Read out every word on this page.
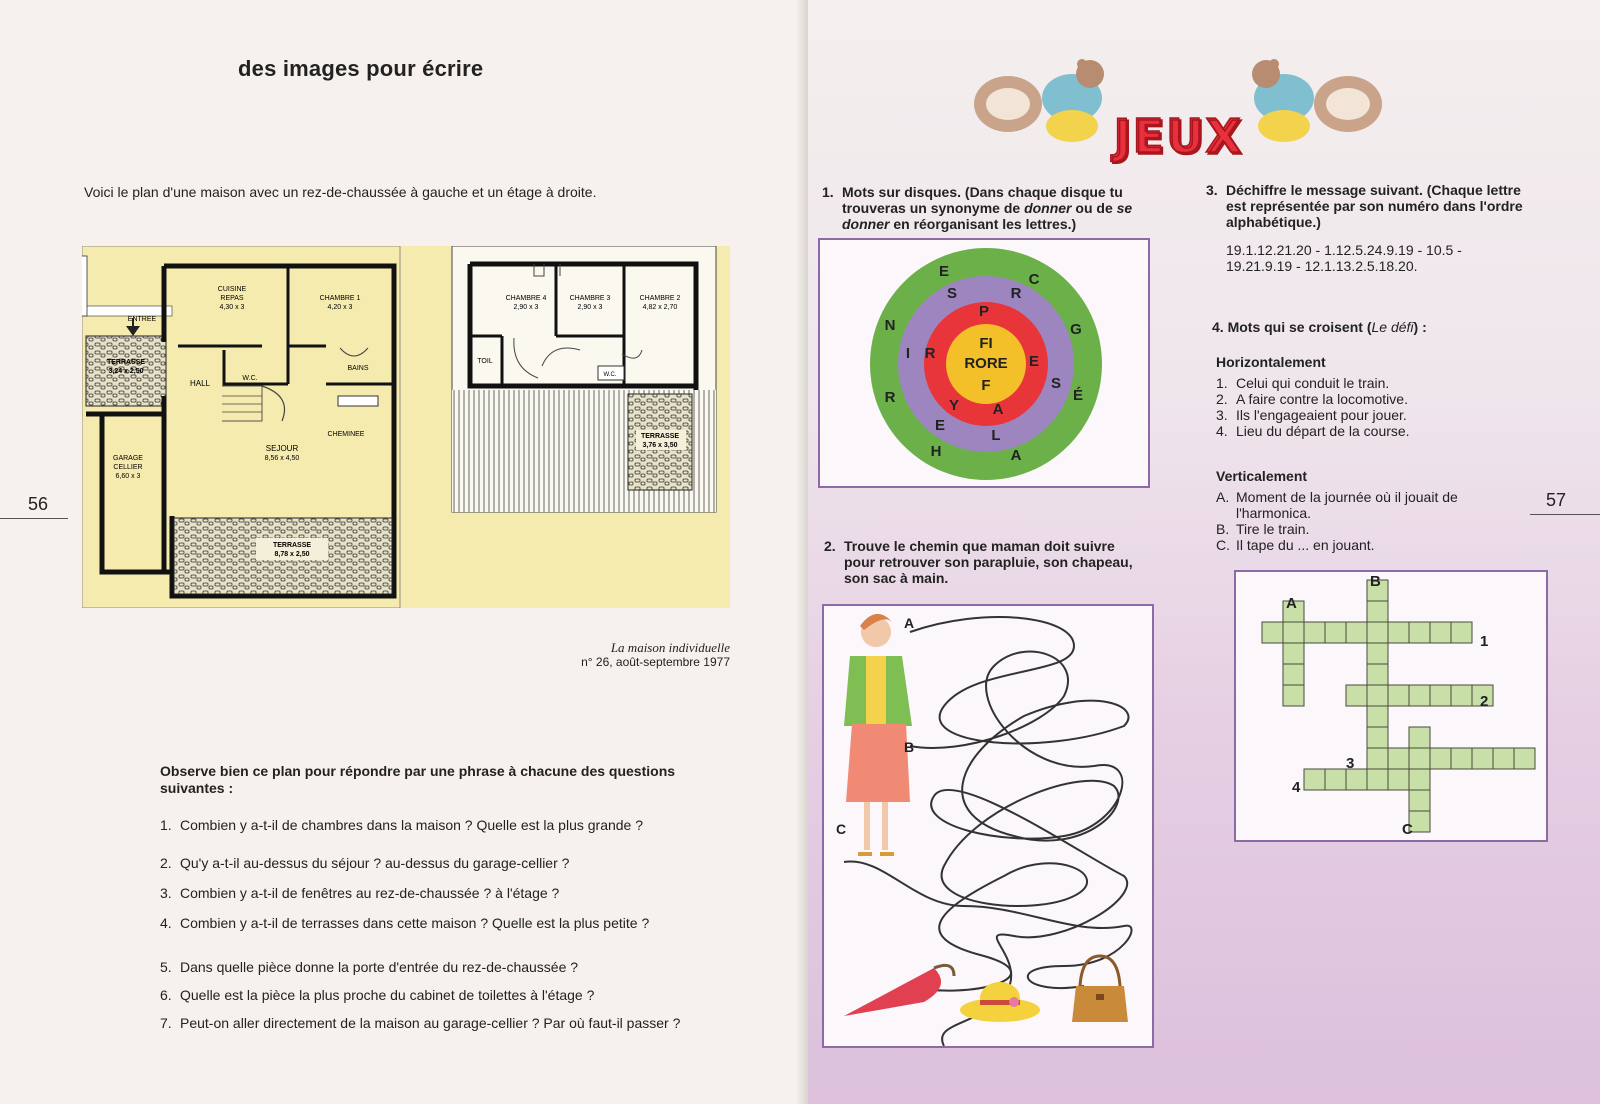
des images pour écrire
Voici le plan d'une maison avec un rez-de-chaussée à gauche et un étage à droite.
56
ENTREE
TERRASSE
3,24 x 2,50
CUISINE
REPAS
4,30 x 3
CHAMBRE 1
4,20 x 3
HALL
W.C.
BAINS
GARAGE
CELLIER
6,60 x 3
SEJOUR
8,56 x 4,50
CHEMINEE
TERRASSE
8,78 x 2,50
CHAMBRE 4
2,90 x 3
CHAMBRE 3
2,90 x 3
CHAMBRE 2
4,82 x 2,70
TOIL
W.C.
TERRASSE
3,76 x 3,50
La maison individuelle
n° 26, août-septembre 1977
Observe bien ce plan pour répondre par une phrase à chacune des questions suivantes :
1. Combien y a-t-il de chambres dans la maison ? Quelle est la plus grande ?
2. Qu'y a-t-il au-dessus du séjour ? au-dessus du garage-cellier ?
3. Combien y a-t-il de fenêtres au rez-de-chaussée ? à l'étage ?
4. Combien y a-t-il de terrasses dans cette maison ? Quelle est la plus petite ?
5. Dans quelle pièce donne la porte d'entrée du rez-de-chaussée ?
6. Quelle est la pièce la plus proche du cabinet de toilettes à l'étage ?
7. Peut-on aller directement de la maison au garage-cellier ? Par où faut-il passer ?
JEUX
1. Mots sur disques. (Dans chaque disque tu trouveras un synonyme de donner ou de se donner en réorganisant les lettres.)
E	C
N	G
R	É
H	A
S	R
I
S
L
E
P
R	E
Y A
FI
RORE
F
2. Trouve le chemin que maman doit suivre pour retrouver son parapluie, son chapeau, son sac à main.
A
B
C
3. Déchiffre le message suivant. (Chaque lettre est représentée par son numéro dans l'ordre alphabétique.)
19.1.12.21.20 - 1.12.5.24.9.19 - 10.5 -
19.21.9.19 - 12.1.13.2.5.18.20.
4. Mots qui se croisent (Le défi) :
Horizontalement
1. Celui qui conduit le train.
2. A faire contre la locomotive.
3. Ils l'engageaient pour jouer.
4. Lieu du départ de la course.
Verticalement
A. Moment de la journée où il jouait de l'harmonica.
B. Tire le train.
C. Il tape du ... en jouant.
57
A
B
C
1
2
3
4
